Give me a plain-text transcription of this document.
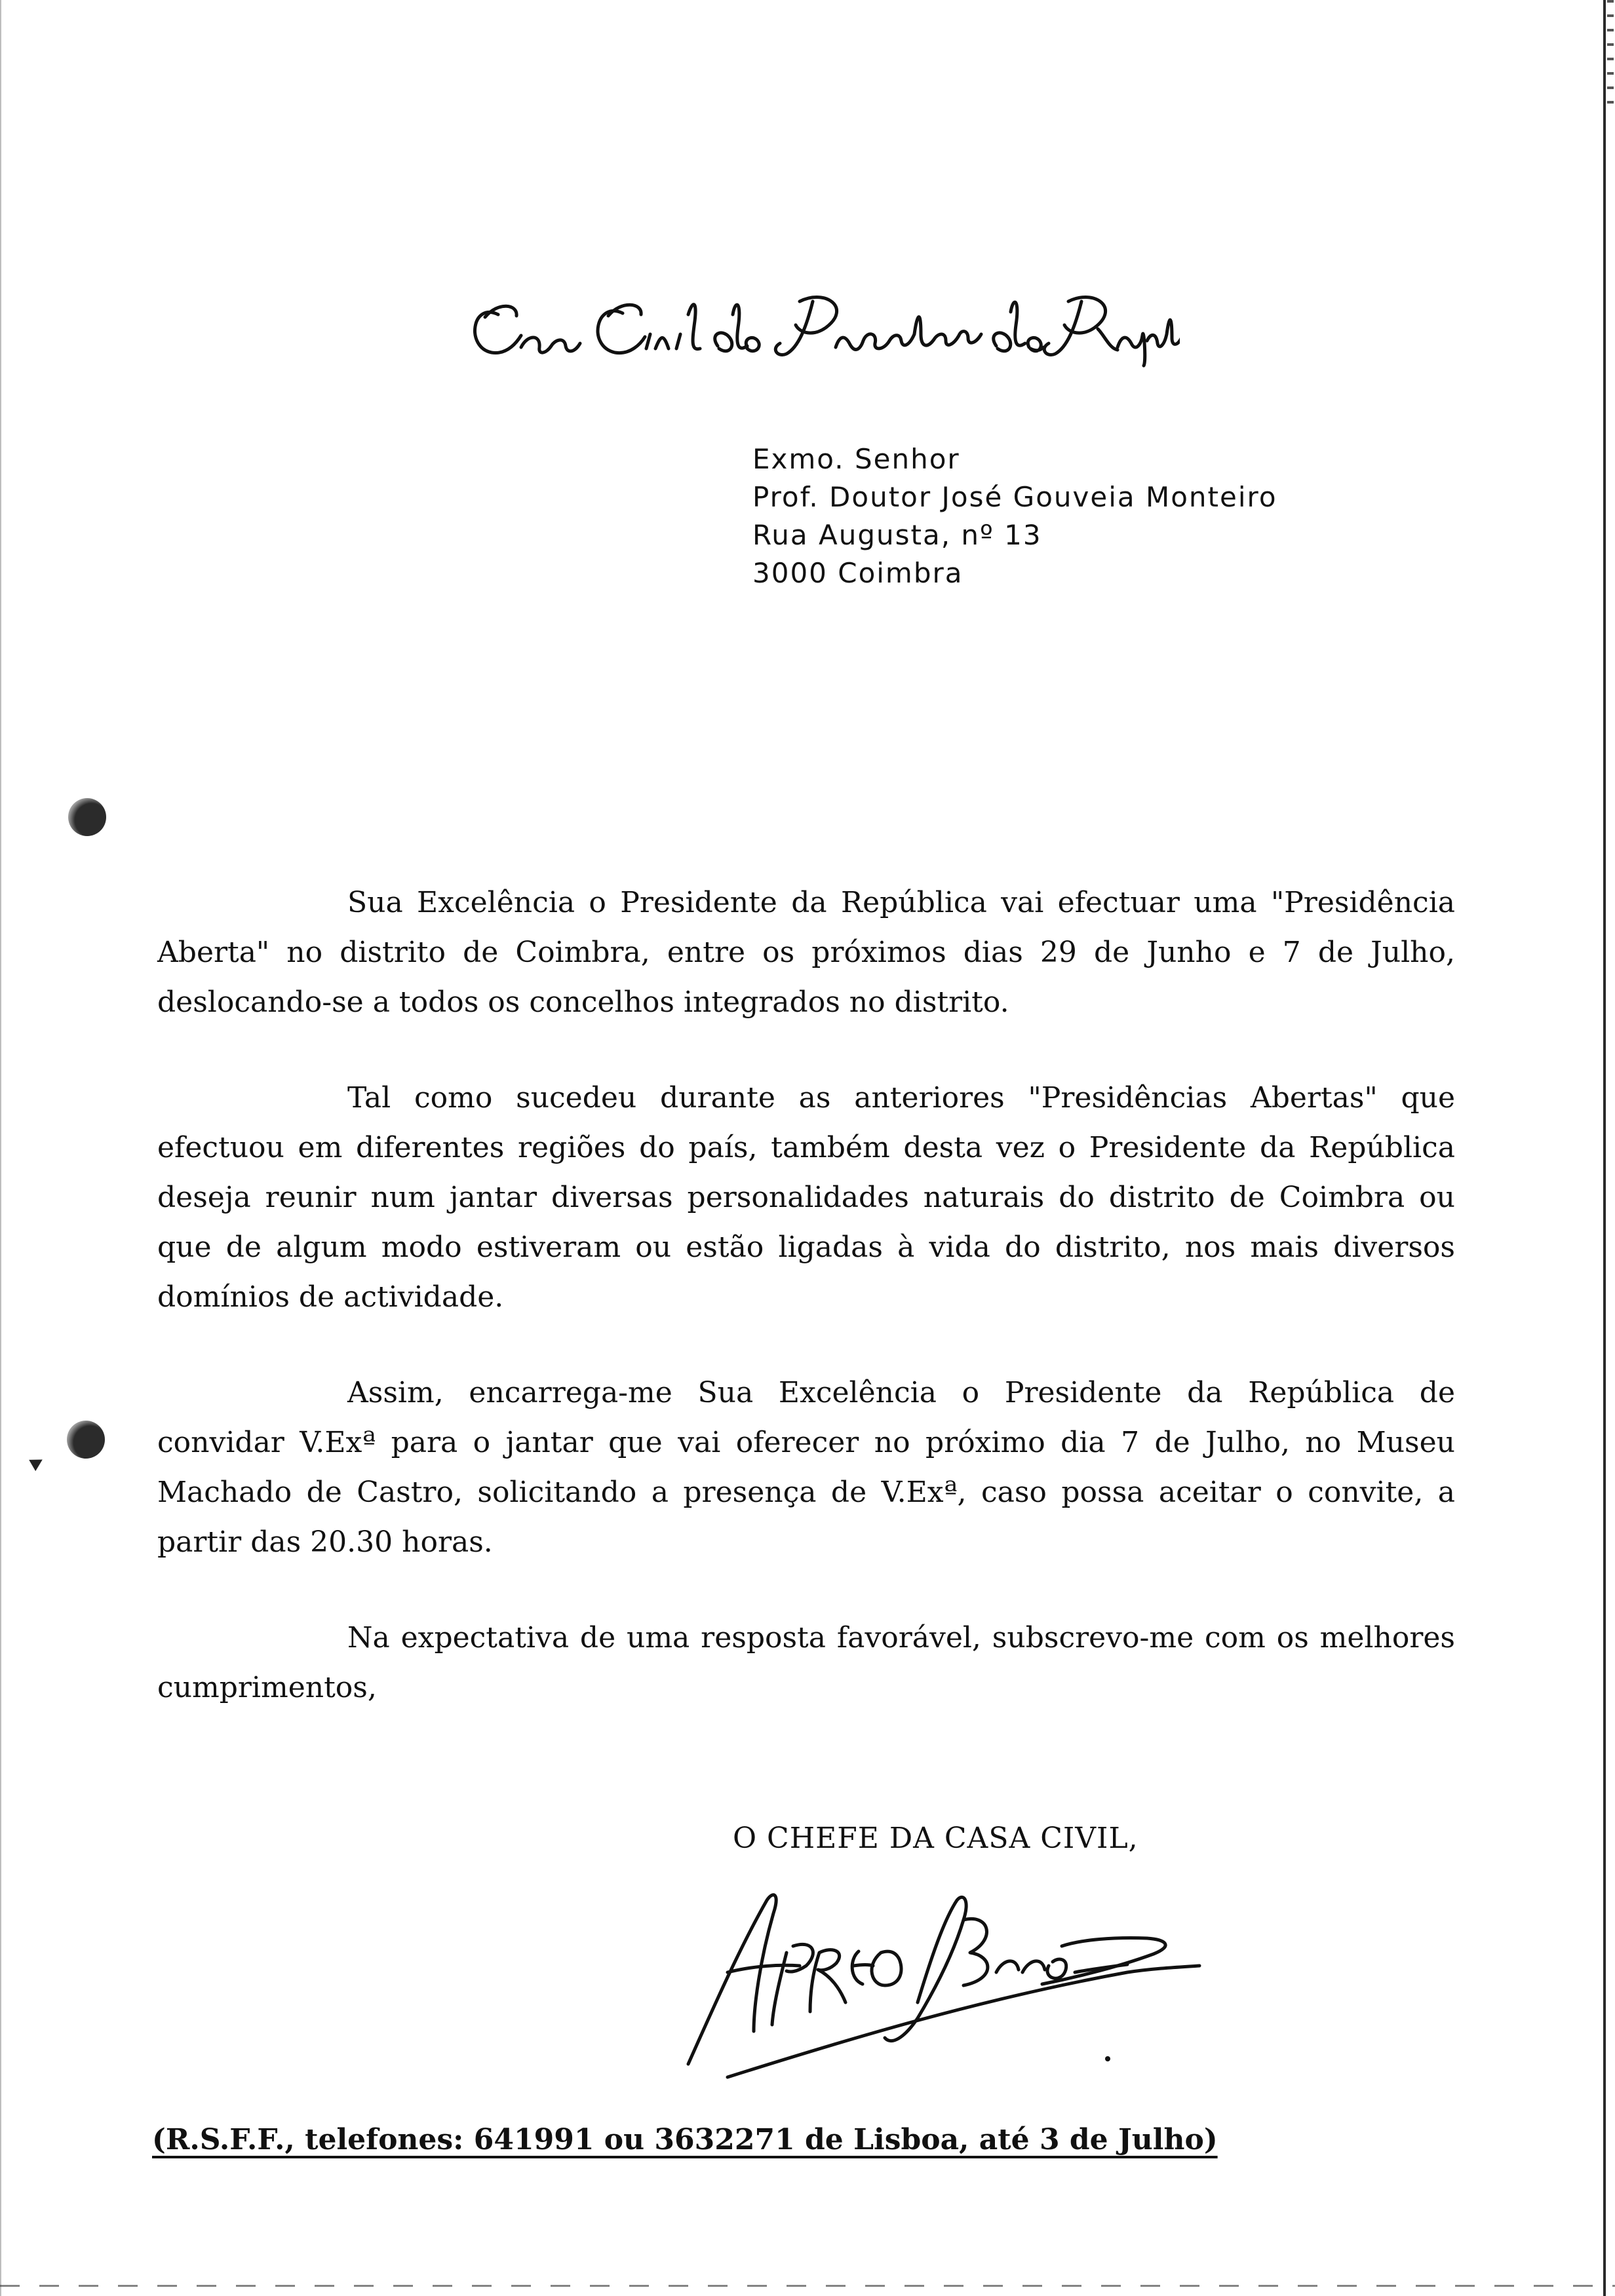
Casa Civil do Presidente da República
Exmo. Senhor
Prof. Doutor José Gouveia Monteiro
Rua Augusta, nº 13
3000 Coimbra

Sua Excelência o Presidente da República vai efectuar uma "Presidência Aberta" no distrito de Coimbra, entre os próximos dias 29 de Junho e 7 de Julho, deslocando-se a todos os concelhos integrados no distrito.

Tal como sucedeu durante as anteriores "Presidências Abertas" que efectuou em diferentes regiões do país, também desta vez o Presidente da República deseja reunir num jantar diversas personalidades naturais do distrito de Coimbra ou que de algum modo estiveram ou estão ligadas à vida do distrito, nos mais diversos domínios de actividade.

Assim, encarrega-me Sua Excelência o Presidente da República de convidar V.Exª para o jantar que vai oferecer no próximo dia 7 de Julho, no Museu Machado de Castro, solicitando a presença de V.Exª, caso possa aceitar o convite, a partir das 20.30 horas.

Na expectativa de uma resposta favorável, subscrevo-me com os melhores cumprimentos,

O CHEFE DA CASA CIVIL,
Alfredo Barroso
(R.S.F.F., telefones: 641991 ou 3632271 de Lisboa, até 3 de Julho)
